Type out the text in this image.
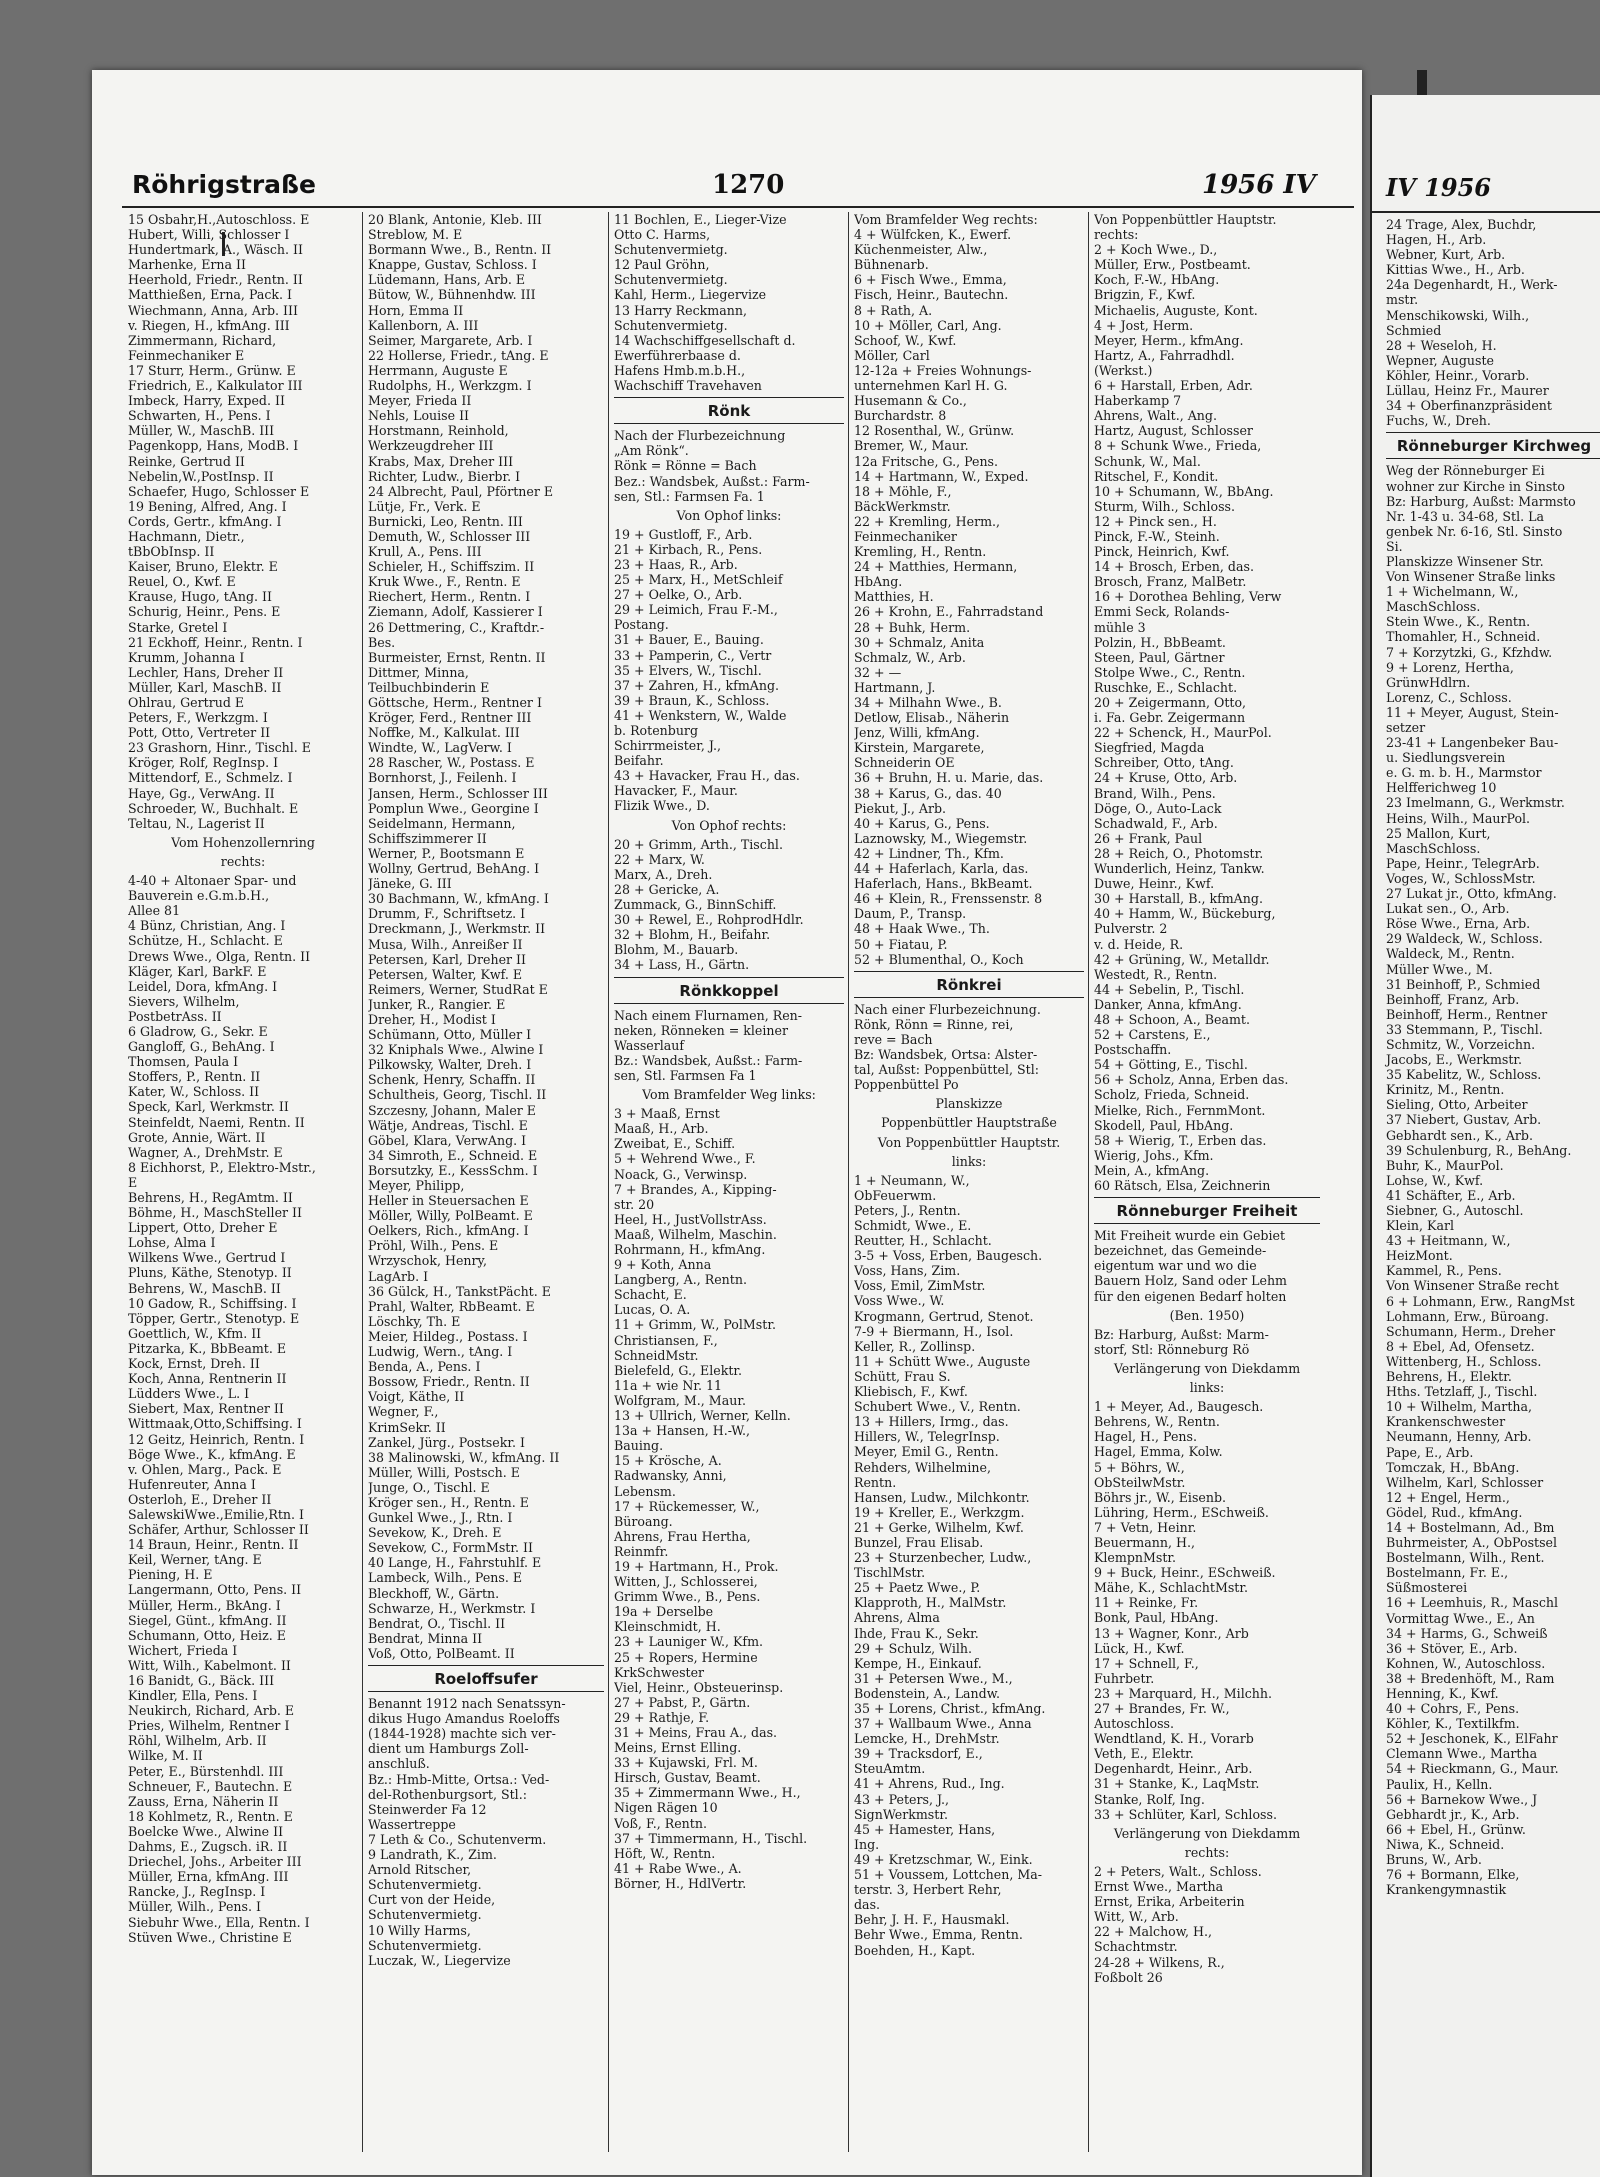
Röhrigstraße	1270	1956 IV
15 Osbahr,H.,Autoschloss. E
Hubert, Willi, Schlosser I
Hundertmark, A., Wäsch. II
Marhenke, Erna II
Heerhold, Friedr., Rentn. II
Matthießen, Erna, Pack. I
Wiechmann, Anna, Arb. III
v. Riegen, H., kfmAng. III
Zimmermann, Richard,
Feinmechaniker E
17 Sturr, Herm., Grünw. E
Friedrich, E., Kalkulator III
Imbeck, Harry, Exped. II
Schwarten, H., Pens. I
Müller, W., MaschB. III
Pagenkopp, Hans, ModB. I
Reinke, Gertrud II
Nebelin,W.,PostInsp. II
Schaefer, Hugo, Schlosser E
19 Bening, Alfred, Ang. I
Cords, Gertr., kfmAng. I
Hachmann, Dietr.,
tBbObInsp. II
Kaiser, Bruno, Elektr. E
Reuel, O., Kwf. E
Krause, Hugo, tAng. II
Schurig, Heinr., Pens. E
Starke, Gretel I
21 Eckhoff, Heinr., Rentn. I
Krumm, Johanna I
Lechler, Hans, Dreher II
Müller, Karl, MaschB. II
Ohlrau, Gertrud E
Peters, F., Werkzgm. I
Pott, Otto, Vertreter II
23 Grashorn, Hinr., Tischl. E
Kröger, Rolf, RegInsp. I
Mittendorf, E., Schmelz. I
Haye, Gg., VerwAng. II
Schroeder, W., Buchhalt. E
Teltau, N., Lagerist II
Vom Hohenzollernring
rechts:
4-40 + Altonaer Spar- und
Bauverein e.G.m.b.H.,
Allee 81
4 Bünz, Christian, Ang. I
Schütze, H., Schlacht. E
Drews Wwe., Olga, Rentn. II
Kläger, Karl, BarkF. E
Leidel, Dora, kfmAng. I
Sievers, Wilhelm,
PostbetrAss. II
6 Gladrow, G., Sekr. E
Gangloff, G., BehAng. I
Thomsen, Paula I
Stoffers, P., Rentn. II
Kater, W., Schloss. II
Speck, Karl, Werkmstr. II
Steinfeldt, Naemi, Rentn. II
Grote, Annie, Wärt. II
Wagner, A., DrehMstr. E
8 Eichhorst, P., Elektro-Mstr.,
E
Behrens, H., RegAmtm. II
Böhme, H., MaschSteller II
Lippert, Otto, Dreher E
Lohse, Alma I
Wilkens Wwe., Gertrud I
Pluns, Käthe, Stenotyp. II
Behrens, W., MaschB. II
10 Gadow, R., Schiffsing. I
Töpper, Gertr., Stenotyp. E
Goettlich, W., Kfm. II
Pitzarka, K., BbBeamt. E
Kock, Ernst, Dreh. II
Koch, Anna, Rentnerin II
Lüdders Wwe., L. I
Siebert, Max, Rentner II
Wittmaak,Otto,Schiffsing. I
12 Geitz, Heinrich, Rentn. I
Böge Wwe., K., kfmAng. E
v. Ohlen, Marg., Pack. E
Hufenreuter, Anna I
Osterloh, E., Dreher II
SalewskiWwe.,Emilie,Rtn. I
Schäfer, Arthur, Schlosser II
14 Braun, Heinr., Rentn. II
Keil, Werner, tAng. E
Piening, H. E
Langermann, Otto, Pens. II
Müller, Herm., BkAng. I
Siegel, Günt., kfmAng. II
Schumann, Otto, Heiz. E
Wichert, Frieda I
Witt, Wilh., Kabelmont. II
16 Banidt, G., Bäck. III
Kindler, Ella, Pens. I
Neukirch, Richard, Arb. E
Pries, Wilhelm, Rentner I
Röhl, Wilhelm, Arb. II
Wilke, M. II
Peter, E., Bürstenhdl. III
Schneuer, F., Bautechn. E
Zauss, Erna, Näherin II
18 Kohlmetz, R., Rentn. E
Boelcke Wwe., Alwine II
Dahms, E., Zugsch. iR. II
Driechel, Johs., Arbeiter III
Müller, Erna, kfmAng. III
Rancke, J., RegInsp. I
Müller, Wilh., Pens. I
Siebuhr Wwe., Ella, Rentn. I
Stüven Wwe., Christine E
20 Blank, Antonie, Kleb. III
Streblow, M. E
Bormann Wwe., B., Rentn. II
Knappe, Gustav, Schloss. I
Lüdemann, Hans, Arb. E
Bütow, W., Bühnenhdw. III
Horn, Emma II
Kallenborn, A. III
Seimer, Margarete, Arb. I
22 Hollerse, Friedr., tAng. E
Herrmann, Auguste E
Rudolphs, H., Werkzgm. I
Meyer, Frieda II
Nehls, Louise II
Horstmann, Reinhold,
Werkzeugdreher III
Krabs, Max, Dreher III
Richter, Ludw., Bierbr. I
24 Albrecht, Paul, Pförtner E
Lütje, Fr., Verk. E
Burnicki, Leo, Rentn. III
Demuth, W., Schlosser III
Krull, A., Pens. III
Schieler, H., Schiffszim. II
Kruk Wwe., F., Rentn. E
Riechert, Herm., Rentn. I
Ziemann, Adolf, Kassierer I
26 Dettmering, C., Kraftdr.-
Bes.
Burmeister, Ernst, Rentn. II
Dittmer, Minna,
Teilbuchbinderin E
Göttsche, Herm., Rentner I
Kröger, Ferd., Rentner III
Noffke, M., Kalkulat. III
Windte, W., LagVerw. I
28 Rascher, W., Postass. E
Bornhorst, J., Feilenh. I
Jansen, Herm., Schlosser III
Pomplun Wwe., Georgine I
Seidelmann, Hermann,
Schiffszimmerer II
Werner, P., Bootsmann E
Wollny, Gertrud, BehAng. I
Jäneke, G. III
30 Bachmann, W., kfmAng. I
Drumm, F., Schriftsetz. I
Dreckmann, J., Werkmstr. II
Musa, Wilh., Anreißer II
Petersen, Karl, Dreher II
Petersen, Walter, Kwf. E
Reimers, Werner, StudRat E
Junker, R., Rangier. E
Dreher, H., Modist I
Schümann, Otto, Müller I
32 Kniphals Wwe., Alwine I
Pilkowsky, Walter, Dreh. I
Schenk, Henry, Schaffn. II
Schultheis, Georg, Tischl. II
Szczesny, Johann, Maler E
Wätje, Andreas, Tischl. E
Göbel, Klara, VerwAng. I
34 Simroth, E., Schneid. E
Borsutzky, E., KessSchm. I
Meyer, Philipp,
Heller in Steuersachen E
Möller, Willy, PolBeamt. E
Oelkers, Rich., kfmAng. I
Pröhl, Wilh., Pens. E
Wrzyschok, Henry,
LagArb. I
36 Gülck, H., TankstPächt. E
Prahl, Walter, RbBeamt. E
Löschky, Th. E
Meier, Hildeg., Postass. I
Ludwig, Wern., tAng. I
Benda, A., Pens. I
Bossow, Friedr., Rentn. II
Voigt, Käthe, II
Wegner, F.,
KrimSekr. II
Zankel, Jürg., Postsekr. I
38 Malinowski, W., kfmAng. II
Müller, Willi, Postsch. E
Junge, O., Tischl. E
Kröger sen., H., Rentn. E
Gunkel Wwe., J., Rtn. I
Sevekow, K., Dreh. E
Sevekow, C., FormMstr. II
40 Lange, H., Fahrstuhlf. E
Lambeck, Wilh., Pens. E
Bleckhoff, W., Gärtn.
Schwarze, H., Werkmstr. I
Bendrat, O., Tischl. II
Bendrat, Minna II
Voß, Otto, PolBeamt. II
Roeloffsufer
Benannt 1912 nach Senatssyn-
dikus Hugo Amandus Roeloffs
(1844-1928) machte sich ver-
dient um Hamburgs Zoll-
anschluß.
Bz.: Hmb-Mitte, Ortsa.: Ved-
del-Rothenburgsort, Stl.:
Steinwerder Fa 12
Wassertreppe
7 Leth & Co., Schutenverm.
9 Landrath, K., Zim.
Arnold Ritscher,
Schutenvermietg.
Curt von der Heide,
Schutenvermietg.
10 Willy Harms,
Schutenvermietg.
Luczak, W., Liegervize
11 Bochlen, E., Lieger-Vize
Otto C. Harms,
Schutenvermietg.
12 Paul Gröhn,
Schutenvermietg.
Kahl, Herm., Liegervize
13 Harry Reckmann,
Schutenvermietg.
14 Wachschiffgesellschaft d.
Ewerführerbaase d.
Hafens Hmb.m.b.H.,
Wachschiff Travehaven
Rönk
Nach der Flurbezeichnung
„Am Rönk“.
Rönk = Rönne = Bach
Bez.: Wandsbek, Außst.: Farm-
sen, Stl.: Farmsen Fa. 1
Von Ophof links:
19 + Gustloff, F., Arb.
21 + Kirbach, R., Pens.
23 + Haas, R., Arb.
25 + Marx, H., MetSchleif
27 + Oelke, O., Arb.
29 + Leimich, Frau F.-M.,
Postang.
31 + Bauer, E., Bauing.
33 + Pamperin, C., Vertr
35 + Elvers, W., Tischl.
37 + Zahren, H., kfmAng.
39 + Braun, K., Schloss.
41 + Wenkstern, W., Walde
b. Rotenburg
Schirrmeister, J.,
Beifahr.
43 + Havacker, Frau H., das.
Havacker, F., Maur.
Flizik Wwe., D.
Von Ophof rechts:
20 + Grimm, Arth., Tischl.
22 + Marx, W.
Marx, A., Dreh.
28 + Gericke, A.
Zummack, G., BinnSchiff.
30 + Rewel, E., RohprodHdlr.
32 + Blohm, H., Beifahr.
Blohm, M., Bauarb.
34 + Lass, H., Gärtn.
Rönkkoppel
Nach einem Flurnamen, Ren-
neken, Rönneken = kleiner
Wasserlauf
Bz.: Wandsbek, Außst.: Farm-
sen, Stl. Farmsen Fa 1
Vom Bramfelder Weg links:
3 + Maaß, Ernst
Maaß, H., Arb.
Zweibat, E., Schiff.
5 + Wehrend Wwe., F.
Noack, G., Verwinsp.
7 + Brandes, A., Kipping-
str. 20
Heel, H., JustVollstrAss.
Maaß, Wilhelm, Maschin.
Rohrmann, H., kfmAng.
9 + Koth, Anna
Langberg, A., Rentn.
Schacht, E.
Lucas, O. A.
11 + Grimm, W., PolMstr.
Christiansen, F.,
SchneidMstr.
Bielefeld, G., Elektr.
11a + wie Nr. 11
Wolfgram, M., Maur.
13 + Ullrich, Werner, Kelln.
13a + Hansen, H.-W.,
Bauing.
15 + Krösche, A.
Radwansky, Anni,
Lebensm.
17 + Rückemesser, W.,
Büroang.
Ahrens, Frau Hertha,
Reinmfr.
19 + Hartmann, H., Prok.
Witten, J., Schlosserei,
Grimm Wwe., B., Pens.
19a + Derselbe
Kleinschmidt, H.
23 + Launiger W., Kfm.
25 + Ropers, Hermine
KrkSchwester
Viel, Heinr., Obsteuerinsp.
27 + Pabst, P., Gärtn.
29 + Rathje, F.
31 + Meins, Frau A., das.
Meins, Ernst Elling.
33 + Kujawski, Frl. M.
Hirsch, Gustav, Beamt.
35 + Zimmermann Wwe., H.,
Nigen Rägen 10
Voß, F., Rentn.
37 + Timmermann, H., Tischl.
Höft, W., Rentn.
41 + Rabe Wwe., A.
Börner, H., HdlVertr.
Vom Bramfelder Weg rechts:
4 + Wülfcken, K., Ewerf.
Küchenmeister, Alw.,
Bühnenarb.
6 + Fisch Wwe., Emma,
Fisch, Heinr., Bautechn.
8 + Rath, A.
10 + Möller, Carl, Ang.
Schoof, W., Kwf.
Möller, Carl
12-12a + Freies Wohnungs-
unternehmen Karl H. G.
Husemann & Co.,
Burchardstr. 8
12 Rosenthal, W., Grünw.
Bremer, W., Maur.
12a Fritsche, G., Pens.
14 + Hartmann, W., Exped.
18 + Möhle, F.,
BäckWerkmstr.
22 + Kremling, Herm.,
Feinmechaniker
Kremling, H., Rentn.
24 + Matthies, Hermann,
HbAng.
Matthies, H.
26 + Krohn, E., Fahrradstand
28 + Buhk, Herm.
30 + Schmalz, Anita
Schmalz, W., Arb.
32 + —
Hartmann, J.
34 + Milhahn Wwe., B.
Detlow, Elisab., Näherin
Jenz, Willi, kfmAng.
Kirstein, Margarete,
Schneiderin OE
36 + Bruhn, H. u. Marie, das.
38 + Karus, G., das. 40
Piekut, J., Arb.
40 + Karus, G., Pens.
Laznowsky, M., Wiegemstr.
42 + Lindner, Th., Kfm.
44 + Haferlach, Karla, das.
Haferlach, Hans., BkBeamt.
46 + Klein, R., Frenssenstr. 8
Daum, P., Transp.
48 + Haak Wwe., Th.
50 + Fiatau, P.
52 + Blumenthal, O., Koch
Rönkrei
Nach einer Flurbezeichnung.
Rönk, Rönn = Rinne, rei,
reve = Bach
Bz: Wandsbek, Ortsa: Alster-
tal, Außst: Poppenbüttel, Stl:
Poppenbüttel Po
Planskizze
Poppenbüttler Hauptstraße
Von Poppenbüttler Hauptstr.
links:
1 + Neumann, W.,
ObFeuerwm.
Peters, J., Rentn.
Schmidt, Wwe., E.
Reutter, H., Schlacht.
3-5 + Voss, Erben, Baugesch.
Voss, Hans, Zim.
Voss, Emil, ZimMstr.
Voss Wwe., W.
Krogmann, Gertrud, Stenot.
7-9 + Biermann, H., Isol.
Keller, R., Zollinsp.
11 + Schütt Wwe., Auguste
Schütt, Frau S.
Kliebisch, F., Kwf.
Schubert Wwe., V., Rentn.
13 + Hillers, Irmg., das.
Hillers, W., TelegrInsp.
Meyer, Emil G., Rentn.
Rehders, Wilhelmine,
Rentn.
Hansen, Ludw., Milchkontr.
19 + Kreller, E., Werkzgm.
21 + Gerke, Wilhelm, Kwf.
Bunzel, Frau Elisab.
23 + Sturzenbecher, Ludw.,
TischlMstr.
25 + Paetz Wwe., P.
Klapproth, H., MalMstr.
Ahrens, Alma
Ihde, Frau K., Sekr.
29 + Schulz, Wilh.
Kempe, H., Einkauf.
31 + Petersen Wwe., M.,
Bodenstein, A., Landw.
35 + Lorens, Christ., kfmAng.
37 + Wallbaum Wwe., Anna
Lemcke, H., DrehMstr.
39 + Tracksdorf, E.,
SteuAmtm.
41 + Ahrens, Rud., Ing.
43 + Peters, J.,
SignWerkmstr.
45 + Hamester, Hans,
Ing.
49 + Kretzschmar, W., Eink.
51 + Voussem, Lottchen, Ma-
terstr. 3, Herbert Rehr,
das.
Behr, J. H. F., Hausmakl.
Behr Wwe., Emma, Rentn.
Boehden, H., Kapt.
Von Poppenbüttler Hauptstr.
rechts:
2 + Koch Wwe., D.,
Müller, Erw., Postbeamt.
Koch, F.-W., HbAng.
Brigzin, F., Kwf.
Michaelis, Auguste, Kont.
4 + Jost, Herm.
Meyer, Herm., kfmAng.
Hartz, A., Fahrradhdl.
(Werkst.)
6 + Harstall, Erben, Adr.
Haberkamp 7
Ahrens, Walt., Ang.
Hartz, August, Schlosser
8 + Schunk Wwe., Frieda,
Schunk, W., Mal.
Ritschel, F., Kondit.
10 + Schumann, W., BbAng.
Sturm, Wilh., Schloss.
12 + Pinck sen., H.
Pinck, F.-W., Steinh.
Pinck, Heinrich, Kwf.
14 + Brosch, Erben, das.
Brosch, Franz, MalBetr.
16 + Dorothea Behling, Verw
Emmi Seck, Rolands-
mühle 3
Polzin, H., BbBeamt.
Steen, Paul, Gärtner
Stolpe Wwe., C., Rentn.
Ruschke, E., Schlacht.
20 + Zeigermann, Otto,
i. Fa. Gebr. Zeigermann
22 + Schenck, H., MaurPol.
Siegfried, Magda
Schreiber, Otto, tAng.
24 + Kruse, Otto, Arb.
Brand, Wilh., Pens.
Döge, O., Auto-Lack
Schadwald, F., Arb.
26 + Frank, Paul
28 + Reich, O., Photomstr.
Wunderlich, Heinz, Tankw.
Duwe, Heinr., Kwf.
30 + Harstall, B., kfmAng.
40 + Hamm, W., Bückeburg,
Pulverstr. 2
v. d. Heide, R.
42 + Grüning, W., Metalldr.
Westedt, R., Rentn.
44 + Sebelin, P., Tischl.
Danker, Anna, kfmAng.
48 + Schoon, A., Beamt.
52 + Carstens, E.,
Postschaffn.
54 + Götting, E., Tischl.
56 + Scholz, Anna, Erben das.
Scholz, Frieda, Schneid.
Mielke, Rich., FernmMont.
Skodell, Paul, HbAng.
58 + Wierig, T., Erben das.
Wierig, Johs., Kfm.
Mein, A., kfmAng.
60 Rätsch, Elsa, Zeichnerin
Rönneburger Freiheit
Mit Freiheit wurde ein Gebiet
bezeichnet, das Gemeinde-
eigentum war und wo die
Bauern Holz, Sand oder Lehm
für den eigenen Bedarf holten
(Ben. 1950)
Bz: Harburg, Außst: Marm-
storf, Stl: Rönneburg Rö
Verlängerung von Diekdamm
links:
1 + Meyer, Ad., Baugesch.
Behrens, W., Rentn.
Hagel, H., Pens.
Hagel, Emma, Kolw.
5 + Böhrs, W.,
ObSteilwMstr.
Böhrs jr., W., Eisenb.
Lühring, Herm., ESchweiß.
7 + Vetn, Heinr.
Beuermann, H.,
KlempnMstr.
9 + Buck, Heinr., ESchweiß.
Mähe, K., SchlachtMstr.
11 + Reinke, Fr.
Bonk, Paul, HbAng.
13 + Wagner, Konr., Arb
Lück, H., Kwf.
17 + Schnell, F.,
Fuhrbetr.
23 + Marquard, H., Milchh.
27 + Brandes, Fr. W.,
Autoschloss.
Wendtland, K. H., Vorarb
Veth, E., Elektr.
Degenhardt, Heinr., Arb.
31 + Stanke, K., LaqMstr.
Stanke, Rolf, Ing.
33 + Schlüter, Karl, Schloss.
Verlängerung von Diekdamm
rechts:
2 + Peters, Walt., Schloss.
Ernst Wwe., Martha
Ernst, Erika, Arbeiterin
Witt, W., Arb.
22 + Malchow, H.,
Schachtmstr.
24-28 + Wilkens, R.,
Foßbolt 26
IV 1956
24 Trage, Alex, Buchdr,
Hagen, H., Arb.
Webner, Kurt, Arb.
Kittias Wwe., H., Arb.
24a Degenhardt, H., Werk-
mstr.
Menschikowski, Wilh.,
Schmied
28 + Weseloh, H.
Wepner, Auguste
Köhler, Heinr., Vorarb.
Lüllau, Heinz Fr., Maurer
34 + Oberfinanzpräsident
Fuchs, W., Dreh.
Rönneburger Kirchweg
Weg der Rönneburger Ei
wohner zur Kirche in Sinsto
Bz: Harburg, Außst: Marmsto
Nr. 1-43 u. 34-68, Stl. La
genbek Nr. 6-16, Stl. Sinsto
Si.
Planskizze Winsener Str.
Von Winsener Straße links
1 + Wichelmann, W.,
MaschSchloss.
Stein Wwe., K., Rentn.
Thomahler, H., Schneid.
7 + Korzytzki, G., Kfzhdw.
9 + Lorenz, Hertha,
GrünwHdlrn.
Lorenz, C., Schloss.
11 + Meyer, August, Stein-
setzer
23-41 + Langenbeker Bau-
u. Siedlungsverein
e. G. m. b. H., Marmstor
Helfferichweg 10
23 Imelmann, G., Werkmstr.
Heins, Wilh., MaurPol.
25 Mallon, Kurt,
MaschSchloss.
Pape, Heinr., TelegrArb.
Voges, W., SchlossMstr.
27 Lukat jr., Otto, kfmAng.
Lukat sen., O., Arb.
Röse Wwe., Erna, Arb.
29 Waldeck, W., Schloss.
Waldeck, M., Rentn.
Müller Wwe., M.
31 Beinhoff, P., Schmied
Beinhoff, Franz, Arb.
Beinhoff, Herm., Rentner
33 Stemmann, P., Tischl.
Schmitz, W., Vorzeichn.
Jacobs, E., Werkmstr.
35 Kabelitz, W., Schloss.
Krinitz, M., Rentn.
Sieling, Otto, Arbeiter
37 Niebert, Gustav, Arb.
Gebhardt sen., K., Arb.
39 Schulenburg, R., BehAng.
Buhr, K., MaurPol.
Lohse, W., Kwf.
41 Schäfter, E., Arb.
Siebner, G., Autoschl.
Klein, Karl
43 + Heitmann, W.,
HeizMont.
Kammel, R., Pens.
Von Winsener Straße recht
6 + Lohmann, Erw., RangMst
Lohmann, Erw., Büroang.
Schumann, Herm., Dreher
8 + Ebel, Ad, Ofensetz.
Wittenberg, H., Schloss.
Behrens, H., Elektr.
Hths. Tetzlaff, J., Tischl.
10 + Wilhelm, Martha,
Krankenschwester
Neumann, Henny, Arb.
Pape, E., Arb.
Tomczak, H., BbAng.
Wilhelm, Karl, Schlosser
12 + Engel, Herm.,
Gödel, Rud., kfmAng.
14 + Bostelmann, Ad., Bm
Buhrmeister, A., ObPostsel
Bostelmann, Wilh., Rent.
Bostelmann, Fr. E.,
Süßmosterei
16 + Leemhuis, R., Maschl
Vormittag Wwe., E., An
34 + Harms, G., Schweiß
36 + Stöver, E., Arb.
Kohnen, W., Autoschloss.
38 + Bredenhöft, M., Ram
Henning, K., Kwf.
40 + Cohrs, F., Pens.
Köhler, K., Textilkfm.
52 + Jeschonek, K., ElFahr
Clemann Wwe., Martha
54 + Rieckmann, G., Maur.
Paulix, H., Kelln.
56 + Barnekow Wwe., J
Gebhardt jr., K., Arb.
66 + Ebel, H., Grünw.
Niwa, K., Schneid.
Bruns, W., Arb.
76 + Bormann, Elke,
Krankengymnastik
